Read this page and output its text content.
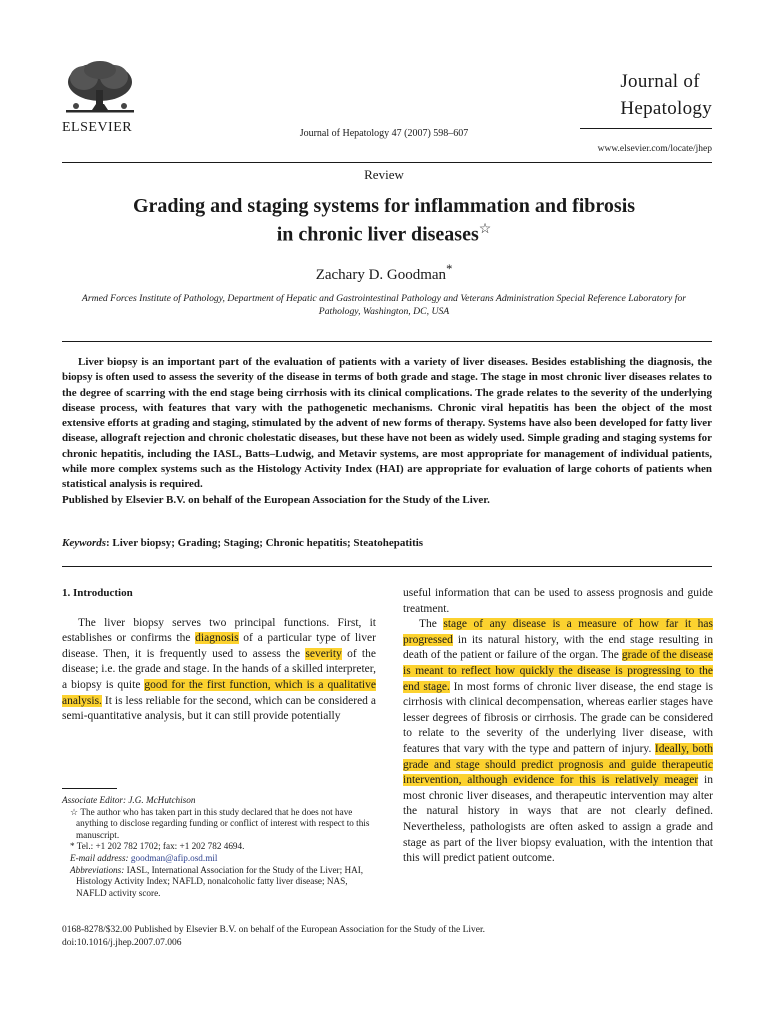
ELSEVIER	Journal of Hepatology 47 (2007) 598–607
Journal of
Hepatology
www.elsevier.com/locate/jhep
Review
Grading and staging systems for inflammation and fibrosis
in chronic liver diseases☆
Zachary D. Goodman*
Armed Forces Institute of Pathology, Department of Hepatic and Gastrointestinal Pathology and Veterans Administration Special Reference Laboratory for Pathology, Washington, DC, USA

Liver biopsy is an important part of the evaluation of patients with a variety of liver diseases. Besides establishing the diagnosis, the biopsy is often used to assess the severity of the disease in terms of both grade and stage. The stage in most chronic liver diseases relates to the degree of scarring with the end stage being cirrhosis with its clinical complications. The grade relates to the severity of the underlying disease process, with features that vary with the pathogenetic mechanisms. Chronic viral hepatitis has been the object of the most extensive efforts at grading and staging, stimulated by the advent of new forms of therapy. Systems have also been developed for fatty liver disease, allograft rejection and chronic cholestatic diseases, but these have not been as widely used. Simple grading and staging systems for chronic hepatitis, including the IASL, Batts–Ludwig, and Metavir systems, are most appropriate for management of individual patients, while more complex systems such as the Histology Activity Index (HAI) are appropriate for evaluation of large cohorts of patients when statistical analysis is required.

Published by Elsevier B.V. on behalf of the European Association for the Study of the Liver.

Keywords: Liver biopsy; Grading; Staging; Chronic hepatitis; Steatohepatitis

1. Introduction

The liver biopsy serves two principal functions. First, it establishes or confirms the diagnosis of a particular type of liver disease. Then, it is frequently used to assess the severity of the disease; i.e. the grade and stage. In the hands of a skilled interpreter, a biopsy is quite good for the first function, which is a qualitative analysis. It is less reliable for the second, which can be considered a semi-quantitative analysis, but it can still provide potentially

Associate Editor: J.G. McHutchison

☆ The author who has taken part in this study declared that he does not have anything to disclose regarding funding or conflict of interest with respect to this manuscript.

* Tel.: +1 202 782 1702; fax: +1 202 782 4694.

E-mail address: goodman@afip.osd.mil

Abbreviations: IASL, International Association for the Study of the Liver; HAI, Histology Activity Index; NAFLD, nonalcoholic fatty liver disease; NAS, NAFLD activity score.

useful information that can be used to assess prognosis and guide treatment.

The stage of any disease is a measure of how far it has progressed in its natural history, with the end stage resulting in death of the patient or failure of the organ. The grade of the disease is meant to reflect how quickly the disease is progressing to the end stage. In most forms of chronic liver disease, the end stage is cirrhosis with clinical decompensation, whereas earlier stages have lesser degrees of fibrosis or cirrhosis. The grade can be considered to relate to the severity of the underlying liver disease, with features that vary with the type and pattern of injury. Ideally, both grade and stage should predict prognosis and guide therapeutic intervention, although evidence for this is relatively meager in most chronic liver diseases, and therapeutic intervention may alter the natural history in ways that are not clearly defined. Nevertheless, pathologists are often asked to assign a grade and stage as part of the liver biopsy evaluation, with the intention that this will predict patient outcome.

0168-8278/$32.00 Published by Elsevier B.V. on behalf of the European Association for the Study of the Liver.
doi:10.1016/j.jhep.2007.07.006
